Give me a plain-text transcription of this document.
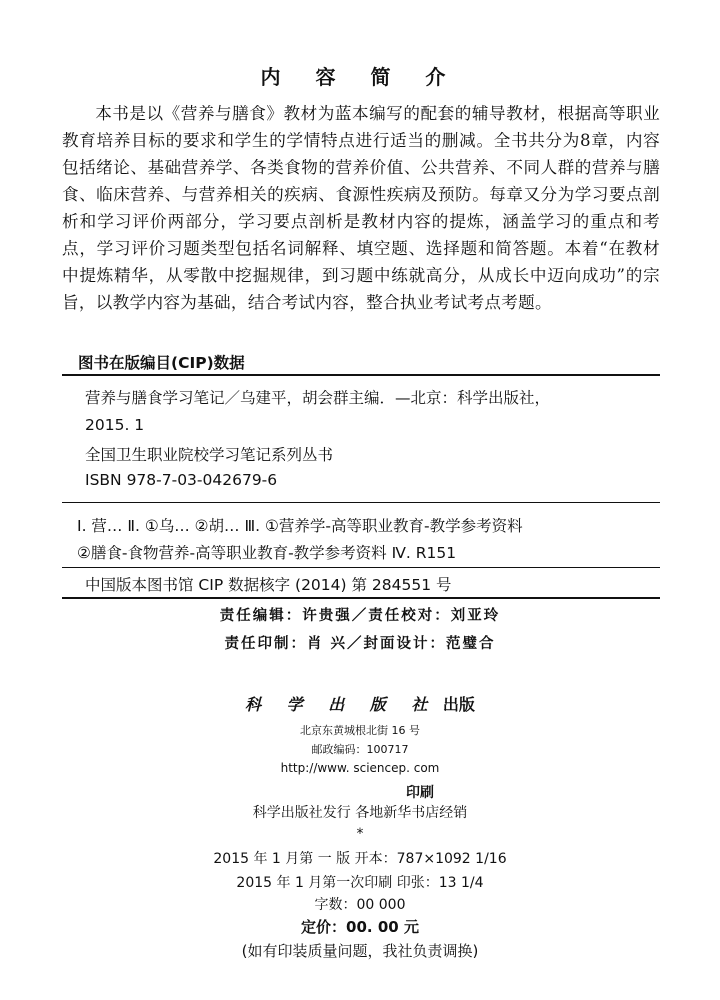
内 容 简 介

本书是以《营养与膳食》教材为蓝本编写的配套的辅导教材，根据高等职业教育培养目标的要求和学生的学情特点进行适当的删减。全书共分为8章，内容包括绪论、基础营养学、各类食物的营养价值、公共营养、不同人群的营养与膳食、临床营养、与营养相关的疾病、食源性疾病及预防。每章又分为学习要点剖析和学习评价两部分，学习要点剖析是教材内容的提炼，涵盖学习的重点和考点，学习评价习题类型包括名词解释、填空题、选择题和简答题。本着“在教材中提炼精华，从零散中挖掘规律，到习题中练就高分，从成长中迈向成功”的宗旨，以教学内容为基础，结合考试内容，整合执业考试考点考题。

图书在版编目(CIP)数据

营养与膳食学习笔记／乌建平，胡会群主编．—北京：科学出版社，

2015. 1

全国卫生职业院校学习笔记系列丛书

ISBN 978-7-03-042679-6

Ⅰ. 营… Ⅱ. ①乌… ②胡… Ⅲ. ①营养学-高等职业教育-教学参考资料

②膳食-食物营养-高等职业教育-教学参考资料 Ⅳ. R151

中国版本图书馆 CIP 数据核字 (2014) 第 284551 号

责任编辑：许贵强／责任校对：刘亚玲
责任印制：肖 兴／封面设计：范璧合
科 学 出 版 社 出版
北京东黄城根北街 16 号
邮政编码：100717
http://www. sciencep. com
印刷
科学出版社发行 各地新华书店经销
*
2015 年 1 月第 一 版 开本：787×1092 1/16
2015 年 1 月第一次印刷 印张：13 1/4
字数：00 000
定价：00. 00 元
(如有印装质量问题，我社负责调换)
